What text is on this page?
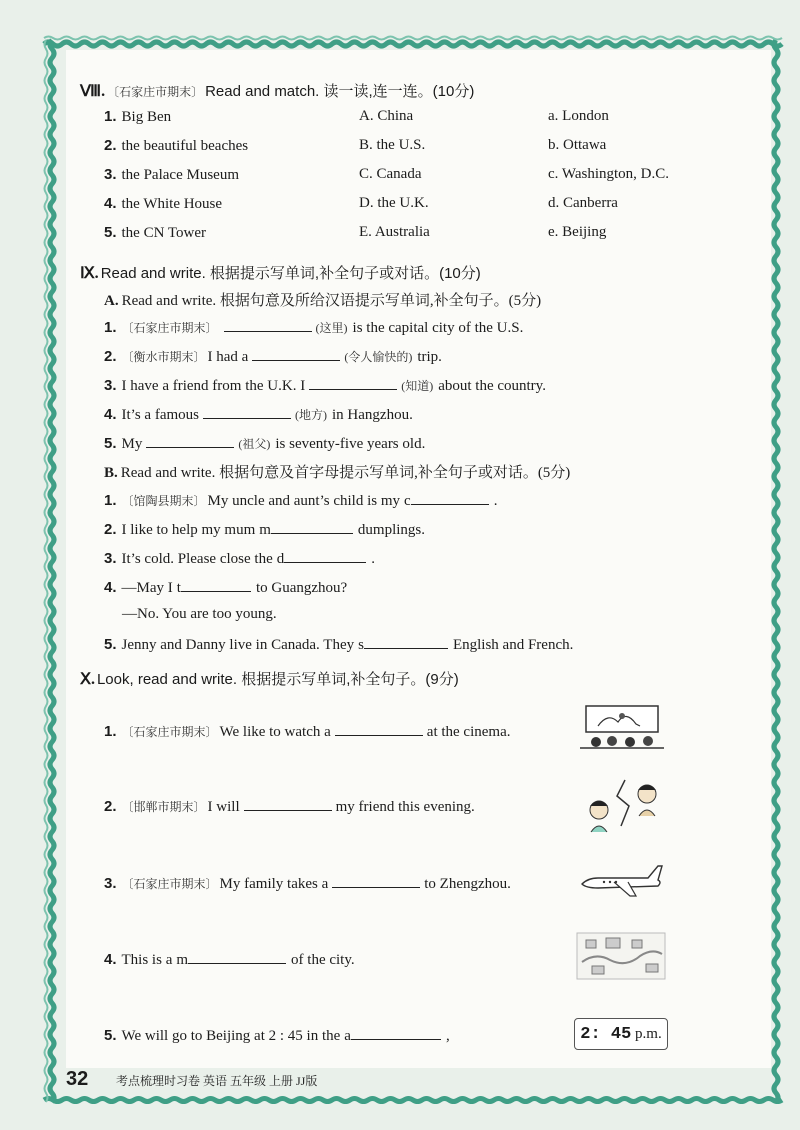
Ⅷ. 〔石家庄市期末〕 Read and match. 读一读,连一连。(10分)
1. Big Ben	A. China	a. London
2. the beautiful beaches	B. the U.S.	b. Ottawa
3. the Palace Museum	C. Canada	c. Washington, D.C.
4. the White House	D. the U.K.	d. Canberra
5. the CN Tower	E. Australia	e. Beijing
Ⅸ. Read and write. 根据提示写单词,补全句子或对话。(10分)
A. Read and write. 根据句意及所给汉语提示写单词,补全句子。(5分)
1. 〔石家庄市期末〕	(这里) is the capital city of the U.S.
2. 〔衡水市期末〕 I had a	(令人愉快的) trip.
3. I have a friend from the U.K. I	(知道) about the country.
4. It’s a famous	(地方) in Hangzhou.
5. My	(祖父) is seventy-five years old.
B. Read and write. 根据句意及首字母提示写单词,补全句子或对话。(5分)
1. 〔馆陶县期末〕 My uncle and aunt’s child is my c	.
2. I like to help my mum m	dumplings.
3. It’s cold. Please close the d	.
4. —May I t	to Guangzhou?
5. Jenny and Danny live in Canada. They s	English and French.
—No. You are too young.
Ⅹ. Look, read and write. 根据提示写单词,补全句子。(9分)
1. 〔石家庄市期末〕 We like to watch a	at the cinema.
2. 〔邯郸市期末〕 I will	my friend this evening.
3. 〔石家庄市期末〕 My family takes a	to Zhengzhou.
4. This is a m	of the city.
5. We will go to Beijing at 2 : 45 in the a	,	2: 45 p.m.
32 考点梳理时习卷 英语 五年级 上册 JJ版
